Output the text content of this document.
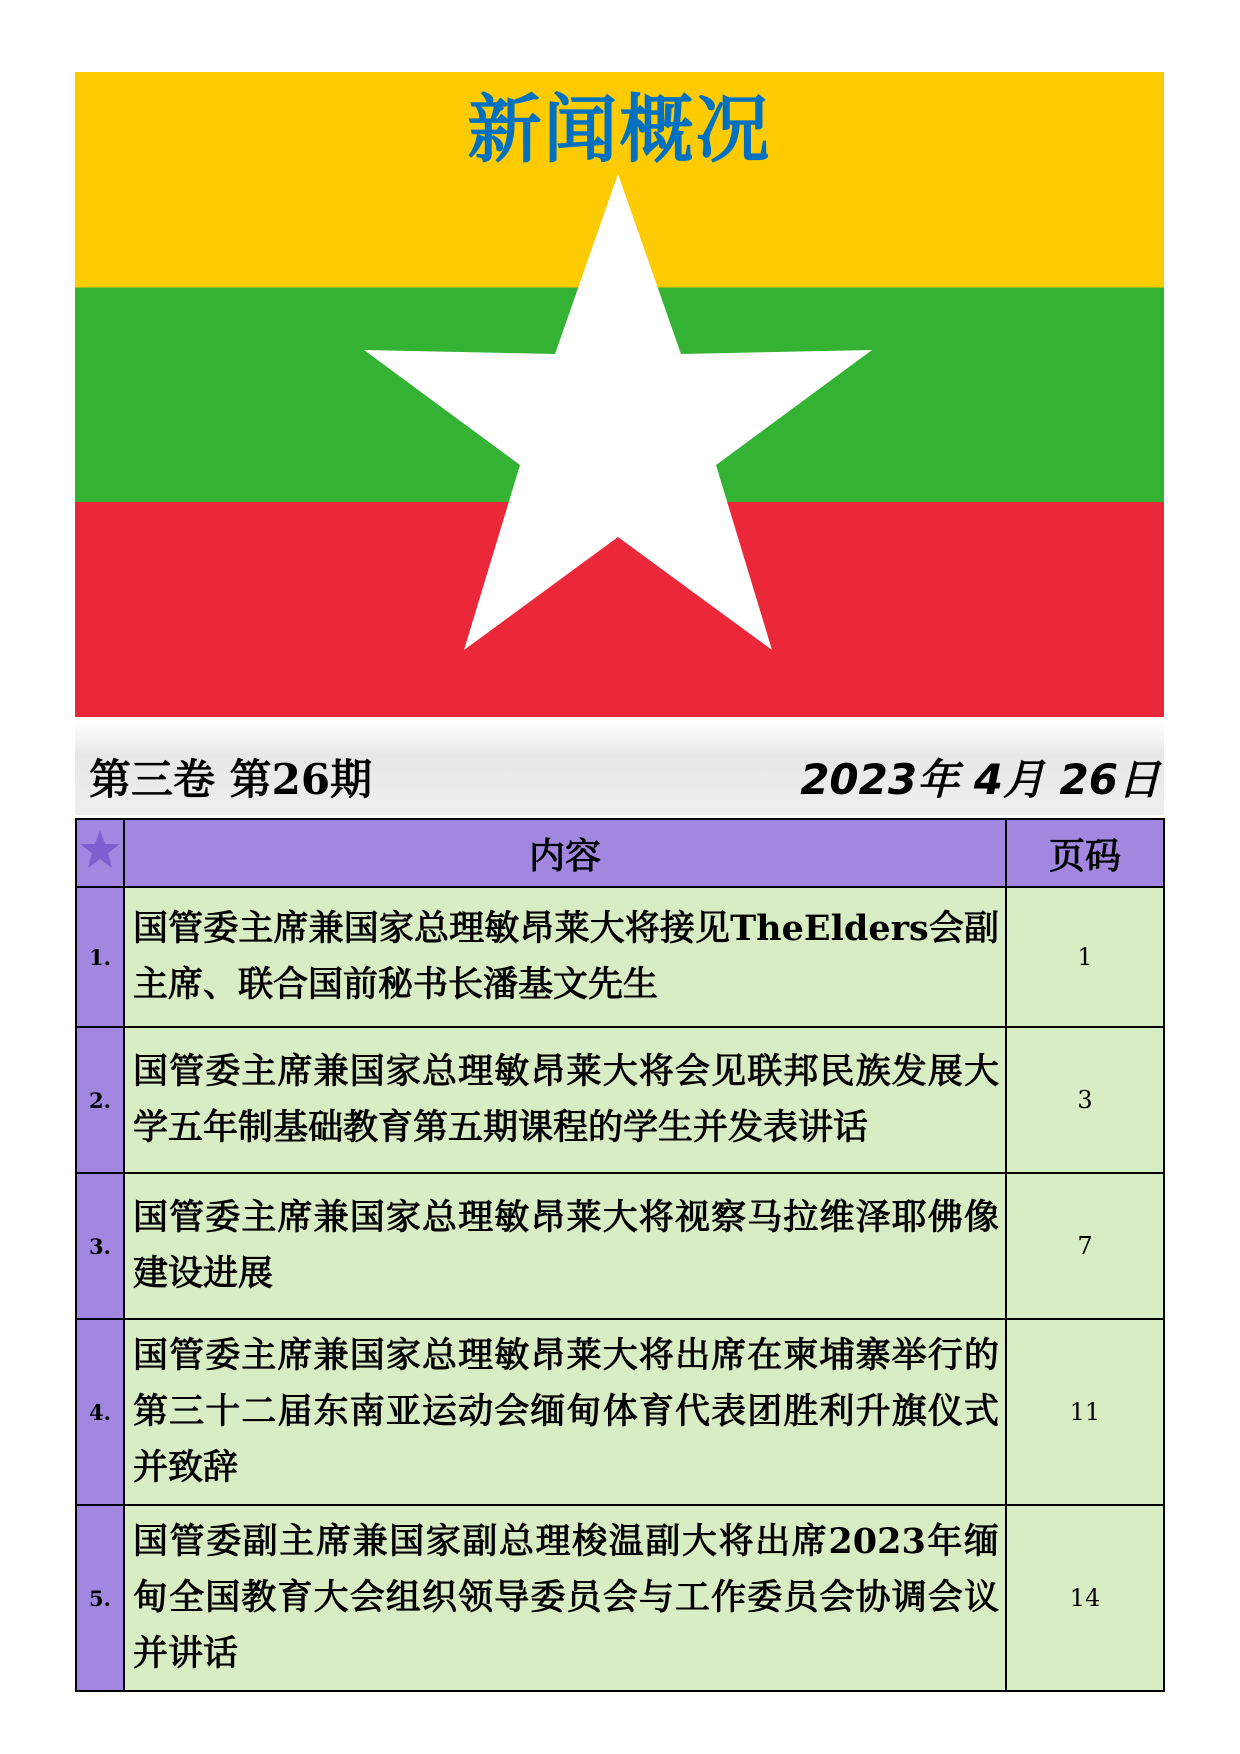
新闻概况
第三卷 第26期	2023年 4月 26日
	内容	页码
1.	国管委主席兼国家总理敏昂莱大将接见TheElders会副主席、联合国前秘书长潘基文先生	1
2.	国管委主席兼国家总理敏昂莱大将会见联邦民族发展大学五年制基础教育第五期课程的学生并发表讲话	3
3.	国管委主席兼国家总理敏昂莱大将视察马拉维泽耶佛像建设进展	7
4.	国管委主席兼国家总理敏昂莱大将出席在柬埔寨举行的第三十二届东南亚运动会缅甸体育代表团胜利升旗仪式并致辞	11
5.	国管委副主席兼国家副总理梭温副大将出席2023年缅甸全国教育大会组织领导委员会与工作委员会协调会议并讲话	14
